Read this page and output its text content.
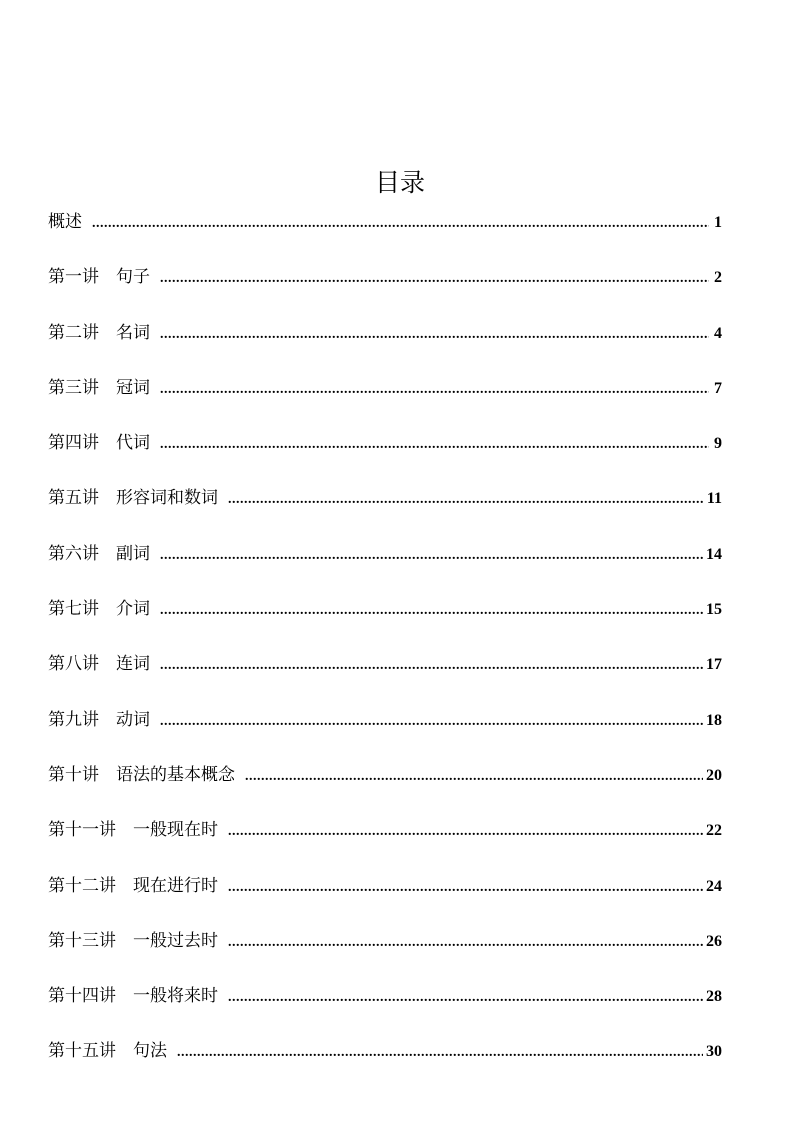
目录
概述 .....	1
第一讲　句子 .....	2
第二讲　名词 .....	4
第三讲　冠词 .....	7
第四讲　代词 .....	9
第五讲　形容词和数词 .....	11
第六讲　副词 .....	14
第七讲　介词 .....	15
第八讲　连词 .....	17
第九讲　动词 .....	18
第十讲　语法的基本概念 .....	20
第十一讲　一般现在时 .....	22
第十二讲　现在进行时 .....	24
第十三讲　一般过去时 .....	26
第十四讲　一般将来时 .....	28
第十五讲　句法 .....	30
